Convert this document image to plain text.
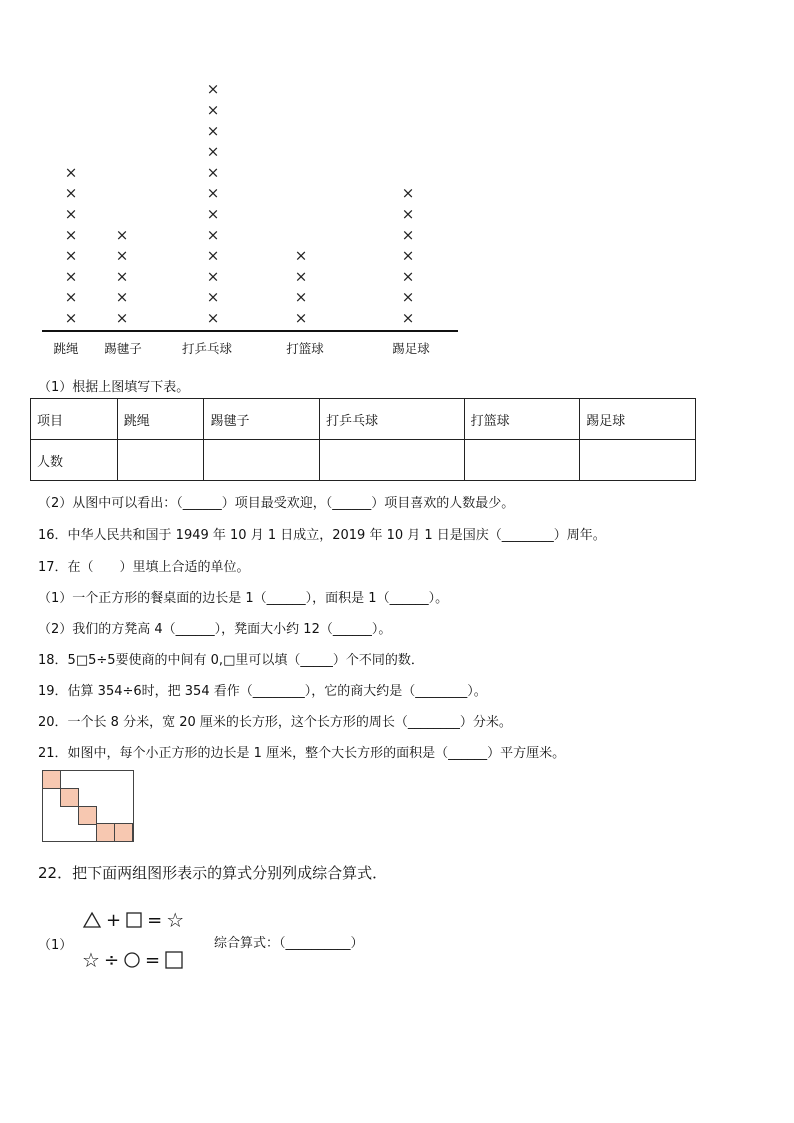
×
×
×
×
×
×
×
×
×
×
×
×
×
×
×
×
×
×
×
×
×
×
×
×
×
×
×
×
×
×
×
×
×
×
×
×
跳绳 踢毽子	打乒乓球	打篮球	踢足球
（1）根据上图填写下表。
项目	跳绳	踢毽子	打乒乓球	打篮球	踢足球
人数					
（2）从图中可以看出：（______）项目最受欢迎，（______）项目喜欢的人数最少。
16．中华人民共和国于 1949 年 10 月 1 日成立，2019 年 10 月 1 日是国庆（________）周年。
17．在（　　）里填上合适的单位。
（1）一个正方形的餐桌面的边长是 1（______），面积是 1（______）。
（2）我们的方凳高 4（______），凳面大小约 12（______）。
18．5□5÷5要使商的中间有 0,□里可以填（_____）个不同的数．
19．估算 354÷6时，把 354 看作（________），它的商大约是（________）。
20．一个长 8 分米，宽 20 厘米的长方形，这个长方形的周长（________）分米。
21．如图中，每个小正方形的边长是 1 厘米，整个大长方形的面积是（______）平方厘米。
22．把下面两组图形表示的算式分别列成综合算式．
（1）
+ = ☆
☆ ÷ =
综合算式：（__________）
